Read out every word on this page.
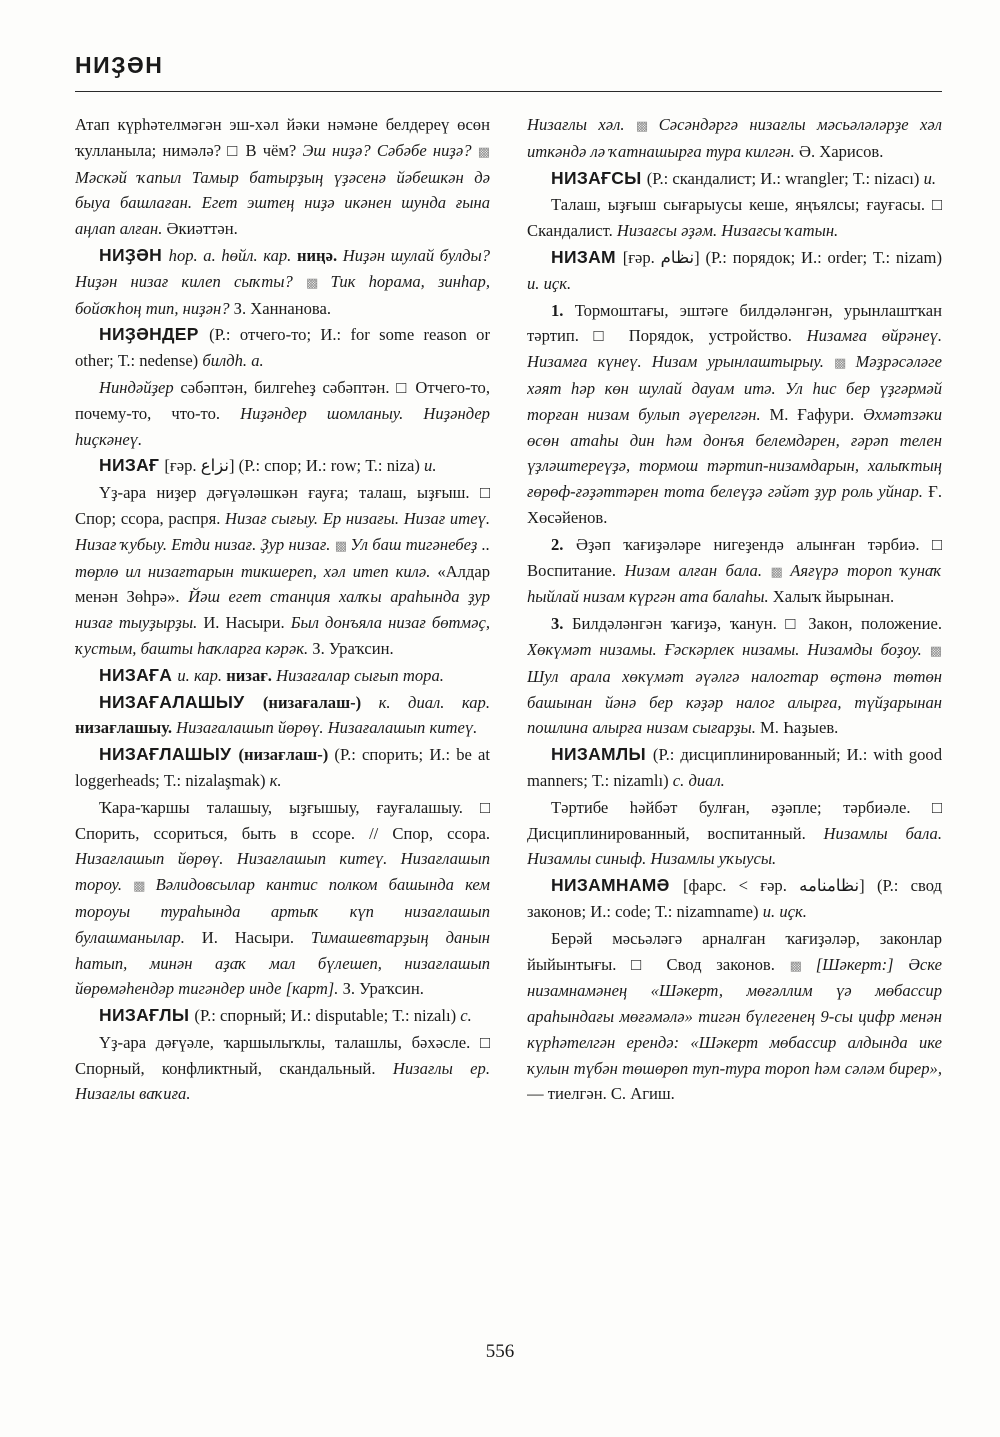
НИҘӘН

Атап күрһәтелмәгән эш-хәл йәки нәмәне белдереү өсөн ҡулланыла; нимәлә? □ В чём? Эш ниҙә? Сәбәбе ниҙә? ▩ Мәскәй ҡапыл Тамыр батырҙың үҙәсенә йәбешкән дә быуа башлаған. Егет эштең ниҙә икәнен шунда ғына аңлап алған. Әкиәттән.

НИҘӘН һор. а. һөйл. кар. ниңә. Ниҙән шулай булды? Ниҙән низағ килеп сыҡты? ▩ Тик һорама, зинһар, бойоҡһоң тип, ниҙән? З. Ханнанова.

НИҘӘНДЕР (Р.: отчего-то; И.: for some reason or other; Т.: nedense) билдһ. а.

Ниндәйҙер сәбәптән, билгеһеҙ сәбәптән. □ Отчего-то, почему-то, что-то. Ниҙәндер шомланыу. Ниҙәндер һиҫкәнеү.

НИЗАҒ [ғәр. نزاع] (Р.: спор; И.: row; Т.: niza) и.

Үҙ-ара ниҙер дәғүәләшкән ғауға; талаш, ыҙғыш. □ Спор; ссора, распря. Низағ сығыу. Ер низағы. Низағ итеү. Низағ ҡубыу. Етди низағ. Ҙур низағ. ▩ Ул баш тигәнебеҙ .. төрлө ил низағтарын тикшереп, хәл итеп килә. «Алдар менән Зөһрә». Йәш егет станция халҡы араһында ҙур низағ тыуҙырҙы. И. Насыри. Был донъяла низағ бөтмәҫ, ҡустым, башты һаҡларға кәрәк. З. Ураҡсин.

НИЗАҒА и. кар. низағ. Низағалар сығып тора.

НИЗАҒАЛАШЫУ (низағалаш-) к. диал. кар. низағлашыу. Низағалашып йөрөү. Низағалашып китеү.

НИЗАҒЛАШЫУ (низағлаш-) (Р.: спорить; И.: be at loggerheads; Т.: nizalaşmak) к.

Ҡара-ҡаршы талашыу, ыҙғышыу, ғауғалашыу. □ Спорить, ссориться, быть в ссоре. // Спор, ссора. Низағлашып йөрөү. Низағлашып китеү. Низағлашып тороу. ▩ Вәлидовсылар кантис полком башында кем тороуы тураһында артыҡ күп низағлашып булашманылар. И. Насыри. Тимашевтарҙың данын һатып, минән аҙаҡ мал бүлешеп, низағлашып йөрөмәһендәр тигәндер инде [карт]. З. Ураҡсин.

НИЗАҒЛЫ (Р.: спорный; И.: disputable; Т.: nizalı) с.

Үҙ-ара дәғүәле, ҡаршылыҡлы, талашлы, бәхәсле. □ Спорный, конфликтный, скандальный. Низағлы ер. Низағлы ваҡиға.

Низағлы хәл. ▩ Сәсәндәргә низағлы мәсьәләләрҙе хәл иткәндә лә ҡатнашырға тура килгән. Ә. Харисов.

НИЗАҒСЫ (Р.: скандалист; И.: wrangler; Т.: nizacı) и.

Талаш, ыҙғыш сығарыусы кеше, яңъялсы; ғауғасы. □ Скандалист. Низағсы әҙәм. Низағсы ҡатын.

НИЗАМ [ғәр. نظام] (Р.: порядок; И.: order; Т.: nizam) и. иҫк.

1. Тормоштағы, эштәге билдәләнгән, урынлаштҡан тәртип. □ Порядок, устройство. Низамға өйрәнеү. Низамға күнеү. Низам урынлаштырыу. ▩ Мәҙрәсәләге хәят һәр көн шулай дауам итә. Ул һис бер үҙгәрмәй торған низам булып әүерелгән. М. Ғафури. Әхмәтзәки өсөн атаһы дин һәм донъя белемдәрен, ғәрәп телен үҙләштереүҙә, тормош тәртип-низамдарын, халыҡтың ғөрөф-ғәҙәттәрен тота белеүҙә гәйәт ҙур роль уйнар. Ғ. Хөсәйенов.

2. Әҙәп ҡағиҙәләре нигеҙендә алынған тәрбиә. □ Воспитание. Низам алған бала. ▩ Аяғүрә тороп ҡунаҡ һыйлай низам күргән ата балаһы. Халыҡ йырынан.

3. Билдәләнгән ҡағиҙә, ҡанун. □ Закон, положение. Хөкүмәт низамы. Ғәскәрлек низамы. Низамды боҙоу. ▩ Шул арала хөкүмәт әүәлгә налогтар өҫтөнә төтөн башынан йәнә бер кәҙәр налог алырға, түйҙарынан пошлина алырға низам сығарҙы. М. Һаҙыев.

НИЗАМЛЫ (Р.: дисциплинированный; И.: with good manners; Т.: nizamlı) с. диал.

Тәртибе һәйбәт булған, әҙәпле; тәрбиәле. □ Дисциплинированный, воспитанный. Низамлы бала. Низамлы синыф. Низамлы уҡыусы.

НИЗАМНАМӘ [фарс. < ғәр. نظامنامه] (Р.: свод законов; И.: code; Т.: nizamname) и. иҫк.

Берәй мәсьәләгә арналған ҡағиҙәләр, законлар йыйынтығы. □ Свод законов. ▩ [Шәкерт:] Әске низамнамәнең «Шәкерт, мөғәллим үә мөбассир араһындағы мөғәмәлә» тигән бүлегенең 9-сы цифр менән күрһәтелгән ерендә: «Шәкерт мөбассир алдында ике ҡулын түбән төшөрөп туп-тура тороп һәм сәләм бирер», — тиелгән. С. Агиш.

556
